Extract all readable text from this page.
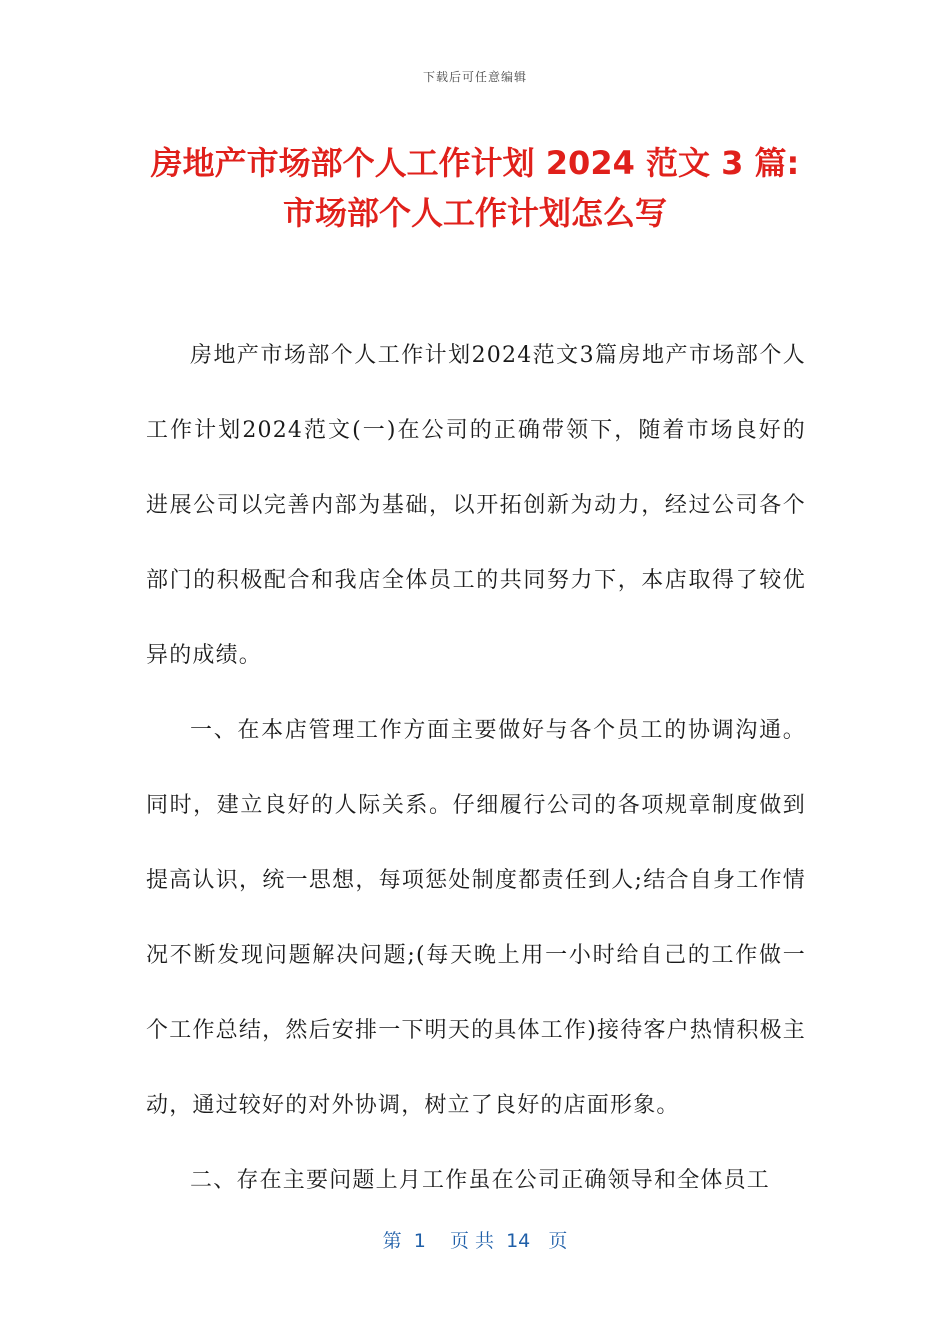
下载后可任意编辑
房地产市场部个人工作计划 2024 范文 3 篇:
市场部个人工作计划怎么写

房地产市场部个人工作计划2024范文3篇房地产市场部个人工作计划2024范文(一)在公司的正确带领下，随着市场良好的进展公司以完善内部为基础，以开拓创新为动力，经过公司各个部门的积极配合和我店全体员工的共同努力下，本店取得了较优异的成绩。

一、在本店管理工作方面主要做好与各个员工的协调沟通。同时，建立良好的人际关系。仔细履行公司的各项规章制度做到提高认识，统一思想，每项惩处制度都责任到人;结合自身工作情况不断发现问题解决问题;(每天晚上用一小时给自己的工作做一个工作总结，然后安排一下明天的具体工作)接待客户热情积极主动，通过较好的对外协调，树立了良好的店面形象。

二、存在主要问题上月工作虽在公司正确领导和全体员工

第  1    页 共  14   页
